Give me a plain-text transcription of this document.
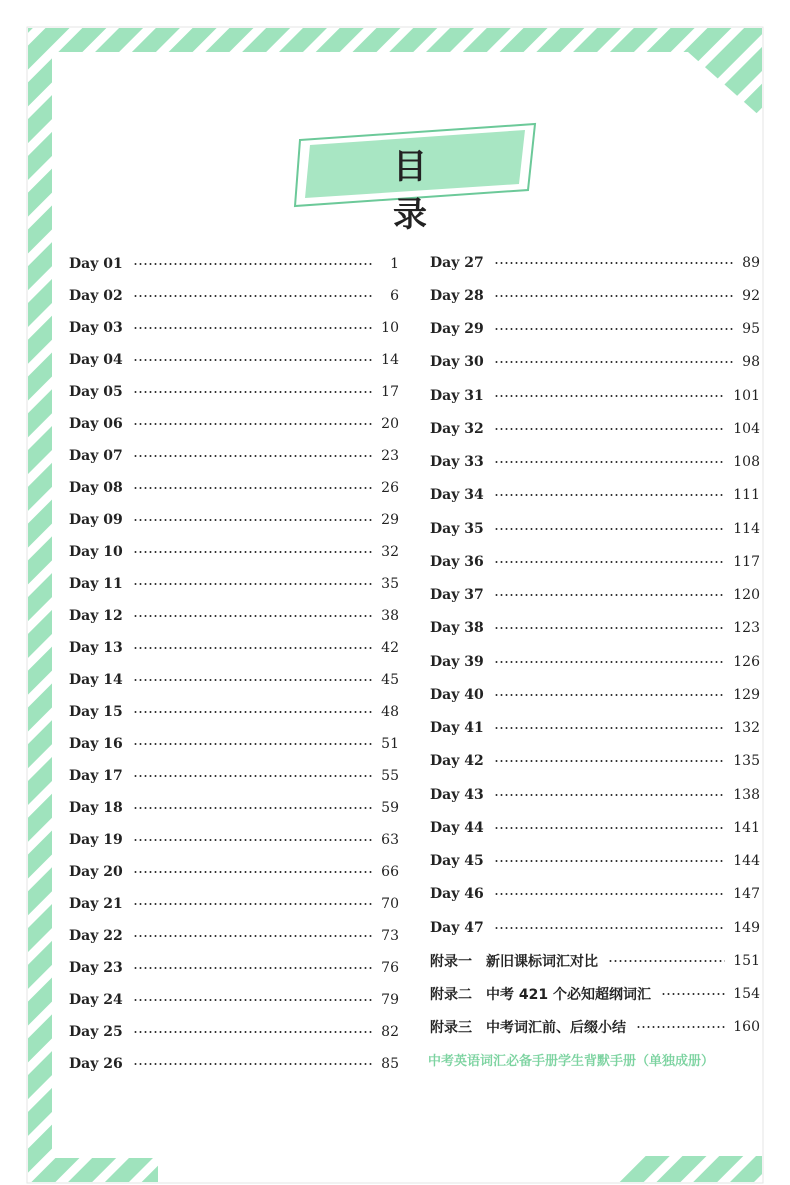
目 录
Day 01	1
Day 02	6
Day 03	10
Day 04	14
Day 05	17
Day 06	20
Day 07	23
Day 08	26
Day 09	29
Day 10	32
Day 11	35
Day 12	38
Day 13	42
Day 14	45
Day 15	48
Day 16	51
Day 17	55
Day 18	59
Day 19	63
Day 20	66
Day 21	70
Day 22	73
Day 23	76
Day 24	79
Day 25	82
Day 26	85
Day 27	89
Day 28	92
Day 29	95
Day 30	98
Day 31	101
Day 32	104
Day 33	108
Day 34	111
Day 35	114
Day 36	117
Day 37	120
Day 38	123
Day 39	126
Day 40	129
Day 41	132
Day 42	135
Day 43	138
Day 44	141
Day 45	144
Day 46	147
Day 47	149
附录一 新旧课标词汇对比	151
附录二 中考 421 个必知超纲词汇	154
附录三 中考词汇前、后缀小结	160
中考英语词汇必备手册学生背默手册（单独成册）
